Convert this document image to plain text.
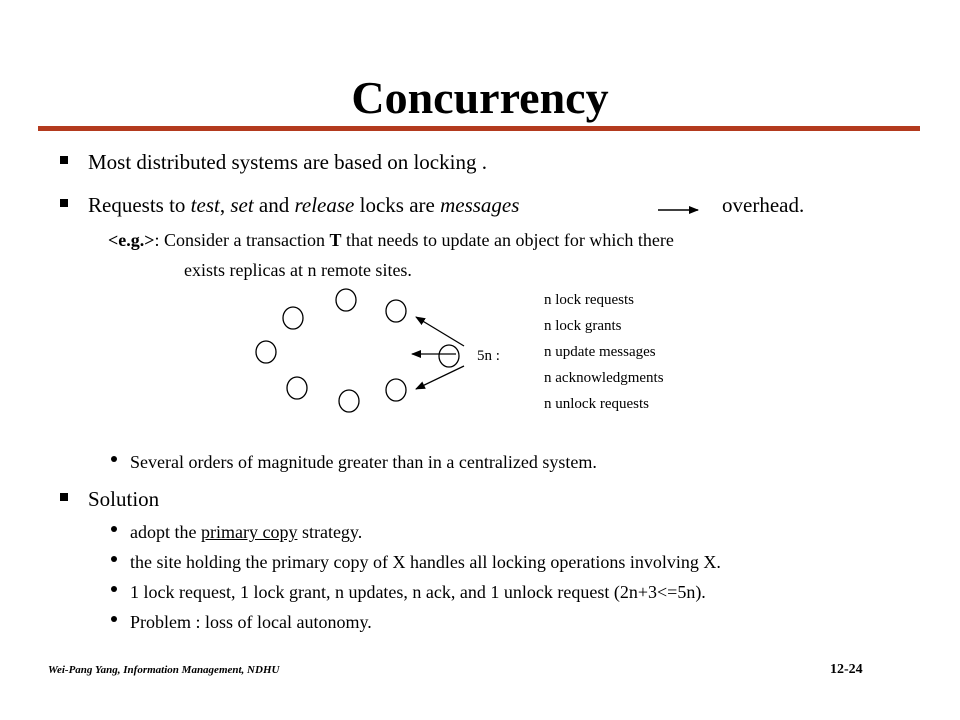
Concurrency
Most distributed systems are based on locking .
Requests to test, set and release locks are messages	overhead.
<e.g.>: Consider a transaction T that needs to update an object for which there
exists replicas at n remote sites.
5n :
n lock requests
n lock grants
n update messages
n acknowledgments
n unlock requests
Several orders of magnitude greater than in a centralized system.
Solution
adopt the primary copy strategy.
the site holding the primary copy of X handles all locking operations involving X.
1 lock request, 1 lock grant, n updates, n ack, and 1 unlock request (2n+3<=5n).
Problem : loss of local autonomy.
Wei-Pang Yang, Information Management, NDHU	12-24
